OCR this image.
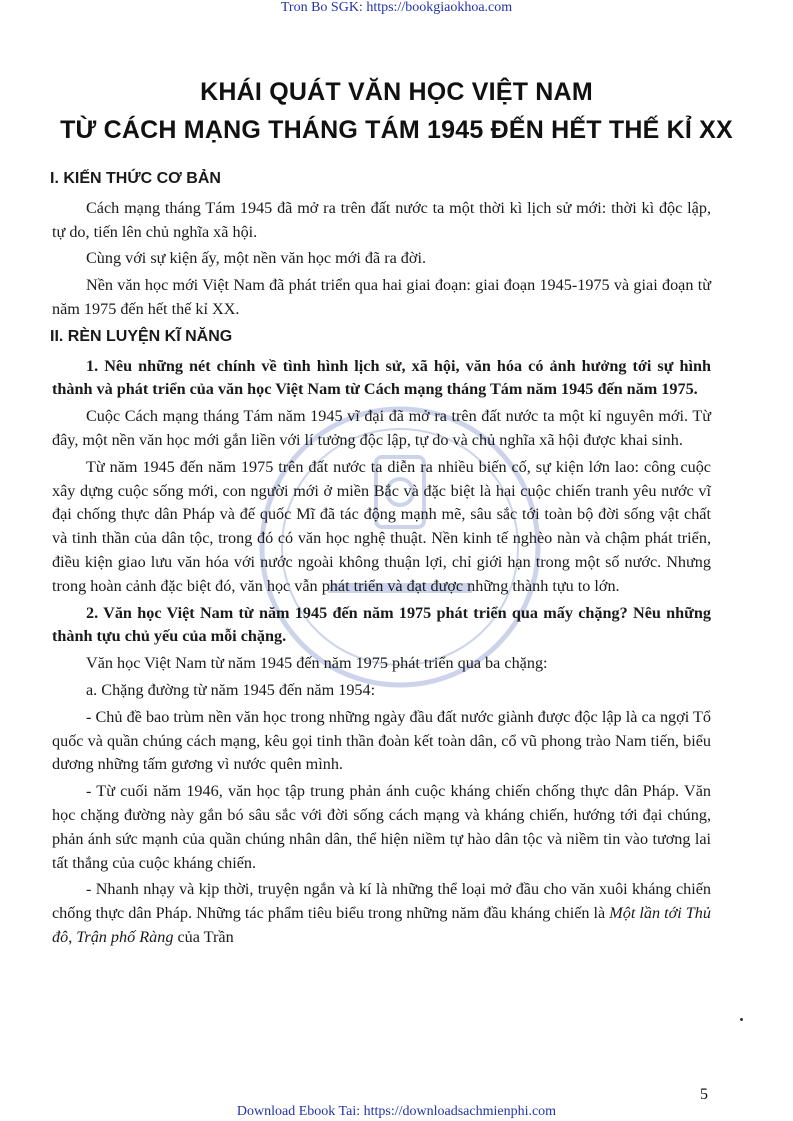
Tron Bo SGK: https://bookgiaokhoa.com
KHÁI QUÁT VĂN HỌC VIỆT NAM
TỪ CÁCH MẠNG THÁNG TÁM 1945 ĐẾN HẾT THẾ KỈ XX
I. KIẾN THỨC CƠ BẢN

Cách mạng tháng Tám 1945 đã mở ra trên đất nước ta một thời kì lịch sử mới: thời kì độc lập, tự do, tiến lên chủ nghĩa xã hội.

Cùng với sự kiện ấy, một nền văn học mới đã ra đời.

Nền văn học mới Việt Nam đã phát triển qua hai giai đoạn: giai đoạn 1945-1975 và giai đoạn từ năm 1975 đến hết thế kỉ XX.

II. RÈN LUYỆN KĨ NĂNG

1. Nêu những nét chính về tình hình lịch sử, xã hội, văn hóa có ảnh hưởng tới sự hình thành và phát triển của văn học Việt Nam từ Cách mạng tháng Tám năm 1945 đến năm 1975.

Cuộc Cách mạng tháng Tám năm 1945 vĩ đại đã mở ra trên đất nước ta một kỉ nguyên mới. Từ đây, một nền văn học mới gắn liền với lí tưởng độc lập, tự do và chủ nghĩa xã hội được khai sinh.

Từ năm 1945 đến năm 1975 trên đất nước ta diễn ra nhiều biến cố, sự kiện lớn lao: công cuộc xây dựng cuộc sống mới, con người mới ở miền Bắc và đặc biệt là hai cuộc chiến tranh yêu nước vĩ đại chống thực dân Pháp và đế quốc Mĩ đã tác động mạnh mẽ, sâu sắc tới toàn bộ đời sống vật chất và tinh thần của dân tộc, trong đó có văn học nghệ thuật. Nền kinh tế nghèo nàn và chậm phát triển, điều kiện giao lưu văn hóa với nước ngoài không thuận lợi, chỉ giới hạn trong một số nước. Nhưng trong hoàn cảnh đặc biệt đó, văn học vẫn phát triển và đạt được những thành tựu to lớn.

2. Văn học Việt Nam từ năm 1945 đến năm 1975 phát triển qua mấy chặng? Nêu những thành tựu chủ yếu của mỗi chặng.

Văn học Việt Nam từ năm 1945 đến năm 1975 phát triển qua ba chặng:

a. Chặng đường từ năm 1945 đến năm 1954:

- Chủ đề bao trùm nền văn học trong những ngày đầu đất nước giành được độc lập là ca ngợi Tổ quốc và quần chúng cách mạng, kêu gọi tinh thần đoàn kết toàn dân, cổ vũ phong trào Nam tiến, biểu dương những tấm gương vì nước quên mình.

- Từ cuối năm 1946, văn học tập trung phản ánh cuộc kháng chiến chống thực dân Pháp. Văn học chặng đường này gắn bó sâu sắc với đời sống cách mạng và kháng chiến, hướng tới đại chúng, phản ánh sức mạnh của quần chúng nhân dân, thể hiện niềm tự hào dân tộc và niềm tin vào tương lai tất thắng của cuộc kháng chiến.

- Nhanh nhạy và kịp thời, truyện ngắn và kí là những thể loại mở đầu cho văn xuôi kháng chiến chống thực dân Pháp. Những tác phẩm tiêu biểu trong những năm đầu kháng chiến là Một lần tới Thủ đô, Trận phố Ràng của Trần

5
Download Ebook Tai: https://downloadsachmienphi.com
